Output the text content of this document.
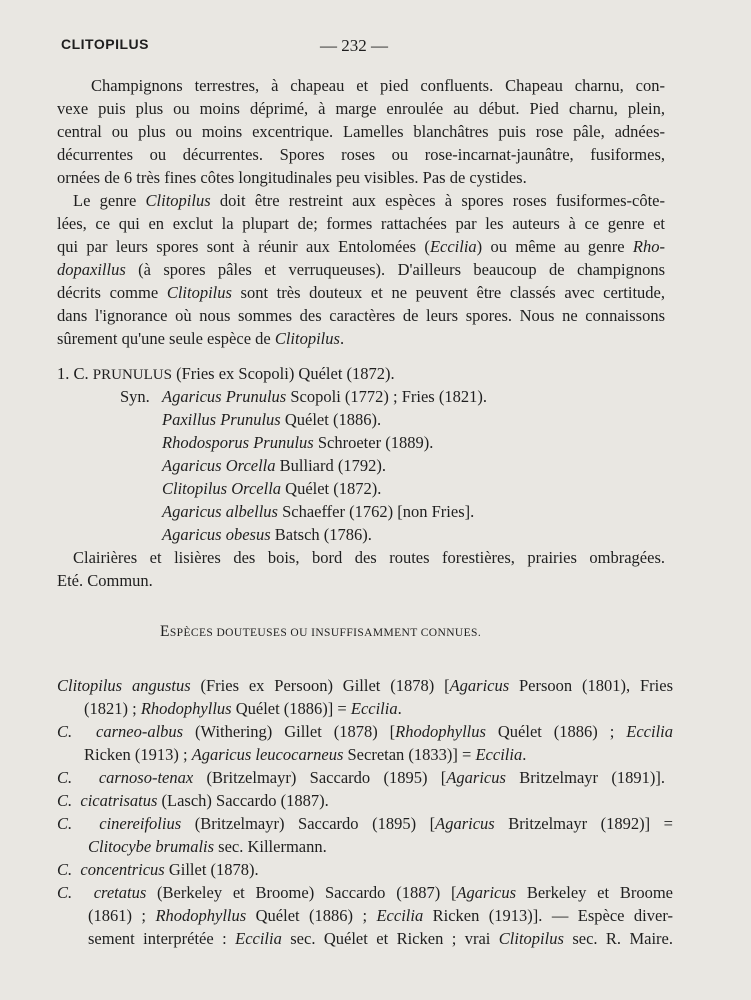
CLITOPILUS	— 232 —
Champignons terrestres, à chapeau et pied confluents. Chapeau charnu, con-
vexe puis plus ou moins déprimé, à marge enroulée au début. Pied charnu, plein,
central ou plus ou moins excentrique. Lamelles blanchâtres puis rose pâle, adnées-
décurrentes ou décurrentes. Spores roses ou rose-incarnat-jaunâtre, fusiformes,
ornées de 6 très fines côtes longitudinales peu visibles. Pas de cystides.
Le genre Clitopilus doit être restreint aux espèces à spores roses fusiformes-côte-
lées, ce qui en exclut la plupart de; formes rattachées par les auteurs à ce genre et
qui par leurs spores sont à réunir aux Entolomées (Eccilia) ou même au genre Rho-
dopaxillus (à spores pâles et verruqueuses). D'ailleurs beaucoup de champignons
décrits comme Clitopilus sont très douteux et ne peuvent être classés avec certitude,
dans l'ignorance où nous sommes des caractères de leurs spores. Nous ne connaissons
sûrement qu'une seule espèce de Clitopilus.
1. C. PRUNULUS (Fries ex Scopoli) Quélet (1872).
Syn. Agaricus Prunulus Scopoli (1772) ; Fries (1821).
Paxillus Prunulus Quélet (1886).
Rhodosporus Prunulus Schroeter (1889).
Agaricus Orcella Bulliard (1792).
Clitopilus Orcella Quélet (1872).
Agaricus albellus Schaeffer (1762) [non Fries].
Agaricus obesus Batsch (1786).
Clairières et lisières des bois, bord des routes forestières, prairies ombragées.
Eté. Commun.
ESPÈCES DOUTEUSES OU INSUFFISAMMENT CONNUES.
Clitopilus angustus (Fries ex Persoon) Gillet (1878) [Agaricus Persoon (1801), Fries
(1821) ; Rhodophyllus Quélet (1886)] = Eccilia.
C. carneo-albus (Withering) Gillet (1878) [Rhodophyllus Quélet (1886) ; Eccilia
Ricken (1913) ; Agaricus leucocarneus Secretan (1833)] = Eccilia.
C. carnoso-tenax (Britzelmayr) Saccardo (1895) [Agaricus Britzelmayr (1891)].
C. cicatrisatus (Lasch) Saccardo (1887).
C. cinereifolius (Britzelmayr) Saccardo (1895) [Agaricus Britzelmayr (1892)] =
Clitocybe brumalis sec. Killermann.
C. concentricus Gillet (1878).
C. cretatus (Berkeley et Broome) Saccardo (1887) [Agaricus Berkeley et Broome
(1861) ; Rhodophyllus Quélet (1886) ; Eccilia Ricken (1913)]. — Espèce diver-
sement interprétée : Eccilia sec. Quélet et Ricken ; vrai Clitopilus sec. R. Maire.
